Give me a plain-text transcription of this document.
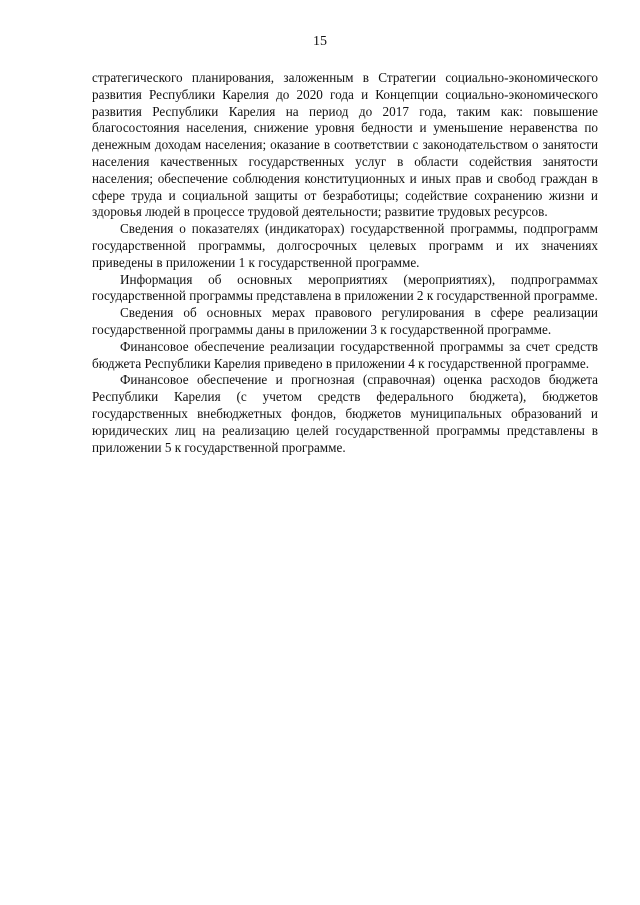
15

стратегического планирования, заложенным в Стратегии социально-экономического развития Республики Карелия до 2020 года и Концепции социально-экономического развития Республики Карелия на период до 2017 года, таким как: повышение благосостояния населения, снижение уровня бедности и уменьшение неравенства по денежным доходам населения; оказание в соответствии с законодательством о занятости населения качественных государственных услуг в области содействия занятости населения; обеспечение соблюдения конституционных и иных прав и свобод граждан в сфере труда и социальной защиты от безработицы; содействие сохранению жизни и здоровья людей в процессе трудовой деятельности; развитие трудовых ресурсов.

Сведения о показателях (индикаторах) государственной программы, подпрограмм государственной программы, долгосрочных целевых программ и их значениях приведены в приложении 1 к государственной программе.

Информация об основных мероприятиях (мероприятиях), подпрограммах государственной программы представлена в приложении 2 к государственной программе.

Сведения об основных мерах правового регулирования в сфере реализации государственной программы даны в приложении 3 к государственной программе.

Финансовое обеспечение реализации государственной программы за счет средств бюджета Республики Карелия приведено в приложении 4 к государственной программе.

Финансовое обеспечение и прогнозная (справочная) оценка расходов бюджета Республики Карелия (с учетом средств федерального бюджета), бюджетов государственных внебюджетных фондов, бюджетов муниципальных образований и юридических лиц на реализацию целей государственной программы представлены в приложении 5 к государственной программе.
